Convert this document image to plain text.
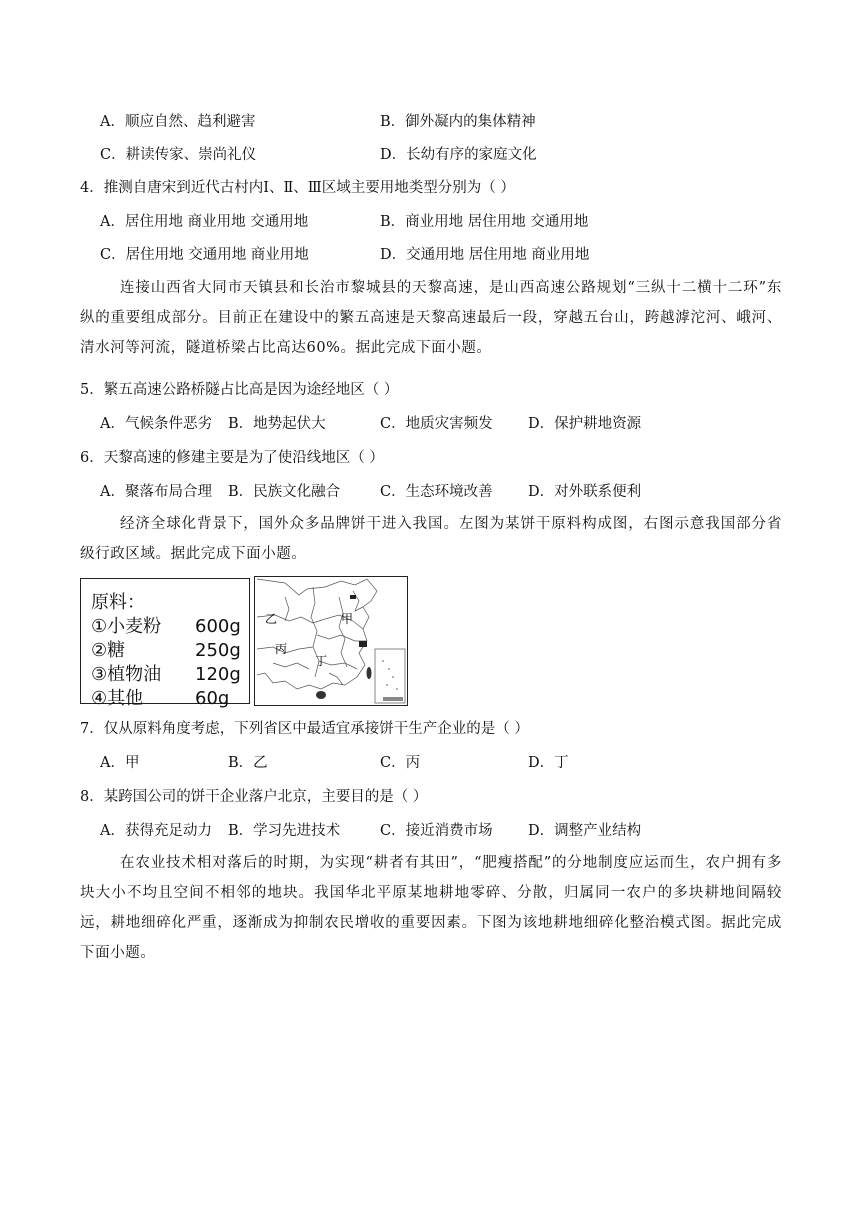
A．顺应自然、趋利避害	B．御外凝内的集体精神
C．耕读传家、崇尚礼仪	D．长幼有序的家庭文化
4．推测自唐宋到近代古村内Ⅰ、Ⅱ、Ⅲ区域主要用地类型分别为（ ）
A．居住用地 商业用地 交通用地	B．商业用地 居住用地 交通用地
C．居住用地 交通用地 商业用地	D．交通用地 居住用地 商业用地
连接山西省大同市天镇县和长治市黎城县的天黎高速，是山西高速公路规划“三纵十二横十二环”东纵的重要组成部分。目前正在建设中的繁五高速是天黎高速最后一段，穿越五台山，跨越滹沱河、峨河、清水河等河流，隧道桥梁占比高达60%。据此完成下面小题。
5．繁五高速公路桥隧占比高是因为途经地区（ ）
A．气候条件恶劣 B．地势起伏大	C．地质灾害频发 D．保护耕地资源
6．天黎高速的修建主要是为了使沿线地区（ ）
A．聚落布局合理 B．民族文化融合	C．生态环境改善 D．对外联系便利
经济全球化背景下，国外众多品牌饼干进入我国。左图为某饼干原料构成图，右图示意我国部分省级行政区域。据此完成下面小题。
原料：
①小麦粉	600g
②糖	250g
③植物油	120g
④其他	60g
乙	甲
丙
丁
7．仅从原料角度考虑，下列省区中最适宜承接饼干生产企业的是（ ）
A．甲	B．乙	C．丙	D．丁
8．某跨国公司的饼干企业落户北京，主要目的是（ ）
A．获得充足动力 B．学习先进技术	C．接近消费市场 D．调整产业结构
在农业技术相对落后的时期，为实现“耕者有其田”，“肥瘦搭配”的分地制度应运而生，农户拥有多块大小不均且空间不相邻的地块。我国华北平原某地耕地零碎、分散，归属同一农户的多块耕地间隔较远，耕地细碎化严重，逐渐成为抑制农民增收的重要因素。下图为该地耕地细碎化整治模式图。据此完成下面小题。
